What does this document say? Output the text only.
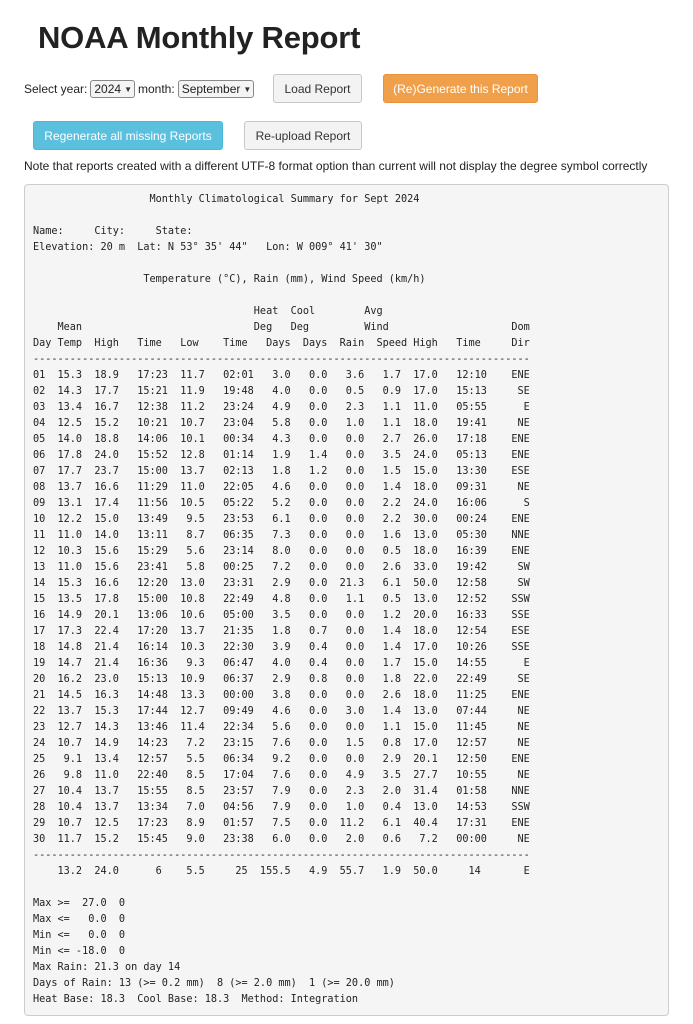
NOAA Monthly Report
Select year: 2024 ▼ month: September ▼	Load Report	(Re)Generate this Report
Regenerate all missing Reports	Re-upload Report
Note that reports created with a different UTF-8 format option than current will not display the degree symbol correctly
Monthly Climatological Summary for Sept 2024

Name:     City:     State:
Elevation: 20 m  Lat: N 53° 35' 44"   Lon: W 009° 41' 30"

Temperature (°C), Rain (mm), Wind Speed (km/h)

Heat  Cool        Avg
Mean                            Deg   Deg         Wind                    Dom
Day Temp  High   Time   Low    Time   Days  Days  Rain  Speed High   Time     Dir
---------------------------------------------------------------------------------
01  15.3  18.9   17:23  11.7   02:01   3.0   0.0   3.6   1.7  17.0   12:10    ENE
02  14.3  17.7   15:21  11.9   19:48   4.0   0.0   0.5   0.9  17.0   15:13     SE
03  13.4  16.7   12:38  11.2   23:24   4.9   0.0   2.3   1.1  11.0   05:55      E
04  12.5  15.2   10:21  10.7   23:04   5.8   0.0   1.0   1.1  18.0   19:41     NE
05  14.0  18.8   14:06  10.1   00:34   4.3   0.0   0.0   2.7  26.0   17:18    ENE
06  17.8  24.0   15:52  12.8   01:14   1.9   1.4   0.0   3.5  24.0   05:13    ENE
07  17.7  23.7   15:00  13.7   02:13   1.8   1.2   0.0   1.5  15.0   13:30    ESE
08  13.7  16.6   11:29  11.0   22:05   4.6   0.0   0.0   1.4  18.0   09:31     NE
09  13.1  17.4   11:56  10.5   05:22   5.2   0.0   0.0   2.2  24.0   16:06      S
10  12.2  15.0   13:49   9.5   23:53   6.1   0.0   0.0   2.2  30.0   00:24    ENE
11  11.0  14.0   13:11   8.7   06:35   7.3   0.0   0.0   1.6  13.0   05:30    NNE
12  10.3  15.6   15:29   5.6   23:14   8.0   0.0   0.0   0.5  18.0   16:39    ENE
13  11.0  15.6   23:41   5.8   00:25   7.2   0.0   0.0   2.6  33.0   19:42     SW
14  15.3  16.6   12:20  13.0   23:31   2.9   0.0  21.3   6.1  50.0   12:58     SW
15  13.5  17.8   15:00  10.8   22:49   4.8   0.0   1.1   0.5  13.0   12:52    SSW
16  14.9  20.1   13:06  10.6   05:00   3.5   0.0   0.0   1.2  20.0   16:33    SSE
17  17.3  22.4   17:20  13.7   21:35   1.8   0.7   0.0   1.4  18.0   12:54    ESE
18  14.8  21.4   16:14  10.3   22:30   3.9   0.4   0.0   1.4  17.0   10:26    SSE
19  14.7  21.4   16:36   9.3   06:47   4.0   0.4   0.0   1.7  15.0   14:55      E
20  16.2  23.0   15:13  10.9   06:37   2.9   0.8   0.0   1.8  22.0   22:49     SE
21  14.5  16.3   14:48  13.3   00:00   3.8   0.0   0.0   2.6  18.0   11:25    ENE
22  13.7  15.3   17:44  12.7   09:49   4.6   0.0   3.0   1.4  13.0   07:44     NE
23  12.7  14.3   13:46  11.4   22:34   5.6   0.0   0.0   1.1  15.0   11:45     NE
24  10.7  14.9   14:23   7.2   23:15   7.6   0.0   1.5   0.8  17.0   12:57     NE
25   9.1  13.4   12:57   5.5   06:34   9.2   0.0   0.0   2.9  20.1   12:50    ENE
26   9.8  11.0   22:40   8.5   17:04   7.6   0.0   4.9   3.5  27.7   10:55     NE
27  10.4  13.7   15:55   8.5   23:57   7.9   0.0   2.3   2.0  31.4   01:58    NNE
28  10.4  13.7   13:34   7.0   04:56   7.9   0.0   1.0   0.4  13.0   14:53    SSW
29  10.7  12.5   17:23   8.9   01:57   7.5   0.0  11.2   6.1  40.4   17:31    ENE
30  11.7  15.2   15:45   9.0   23:38   6.0   0.0   2.0   0.6   7.2   00:00     NE
---------------------------------------------------------------------------------
13.2  24.0      6    5.5     25  155.5   4.9  55.7   1.9  50.0     14       E

Max >=  27.0  0
Max <=   0.0  0
Min <=   0.0  0
Min <= -18.0  0
Max Rain: 21.3 on day 14
Days of Rain: 13 (>= 0.2 mm)  8 (>= 2.0 mm)  1 (>= 20.0 mm)
Heat Base: 18.3  Cool Base: 18.3  Method: Integration
